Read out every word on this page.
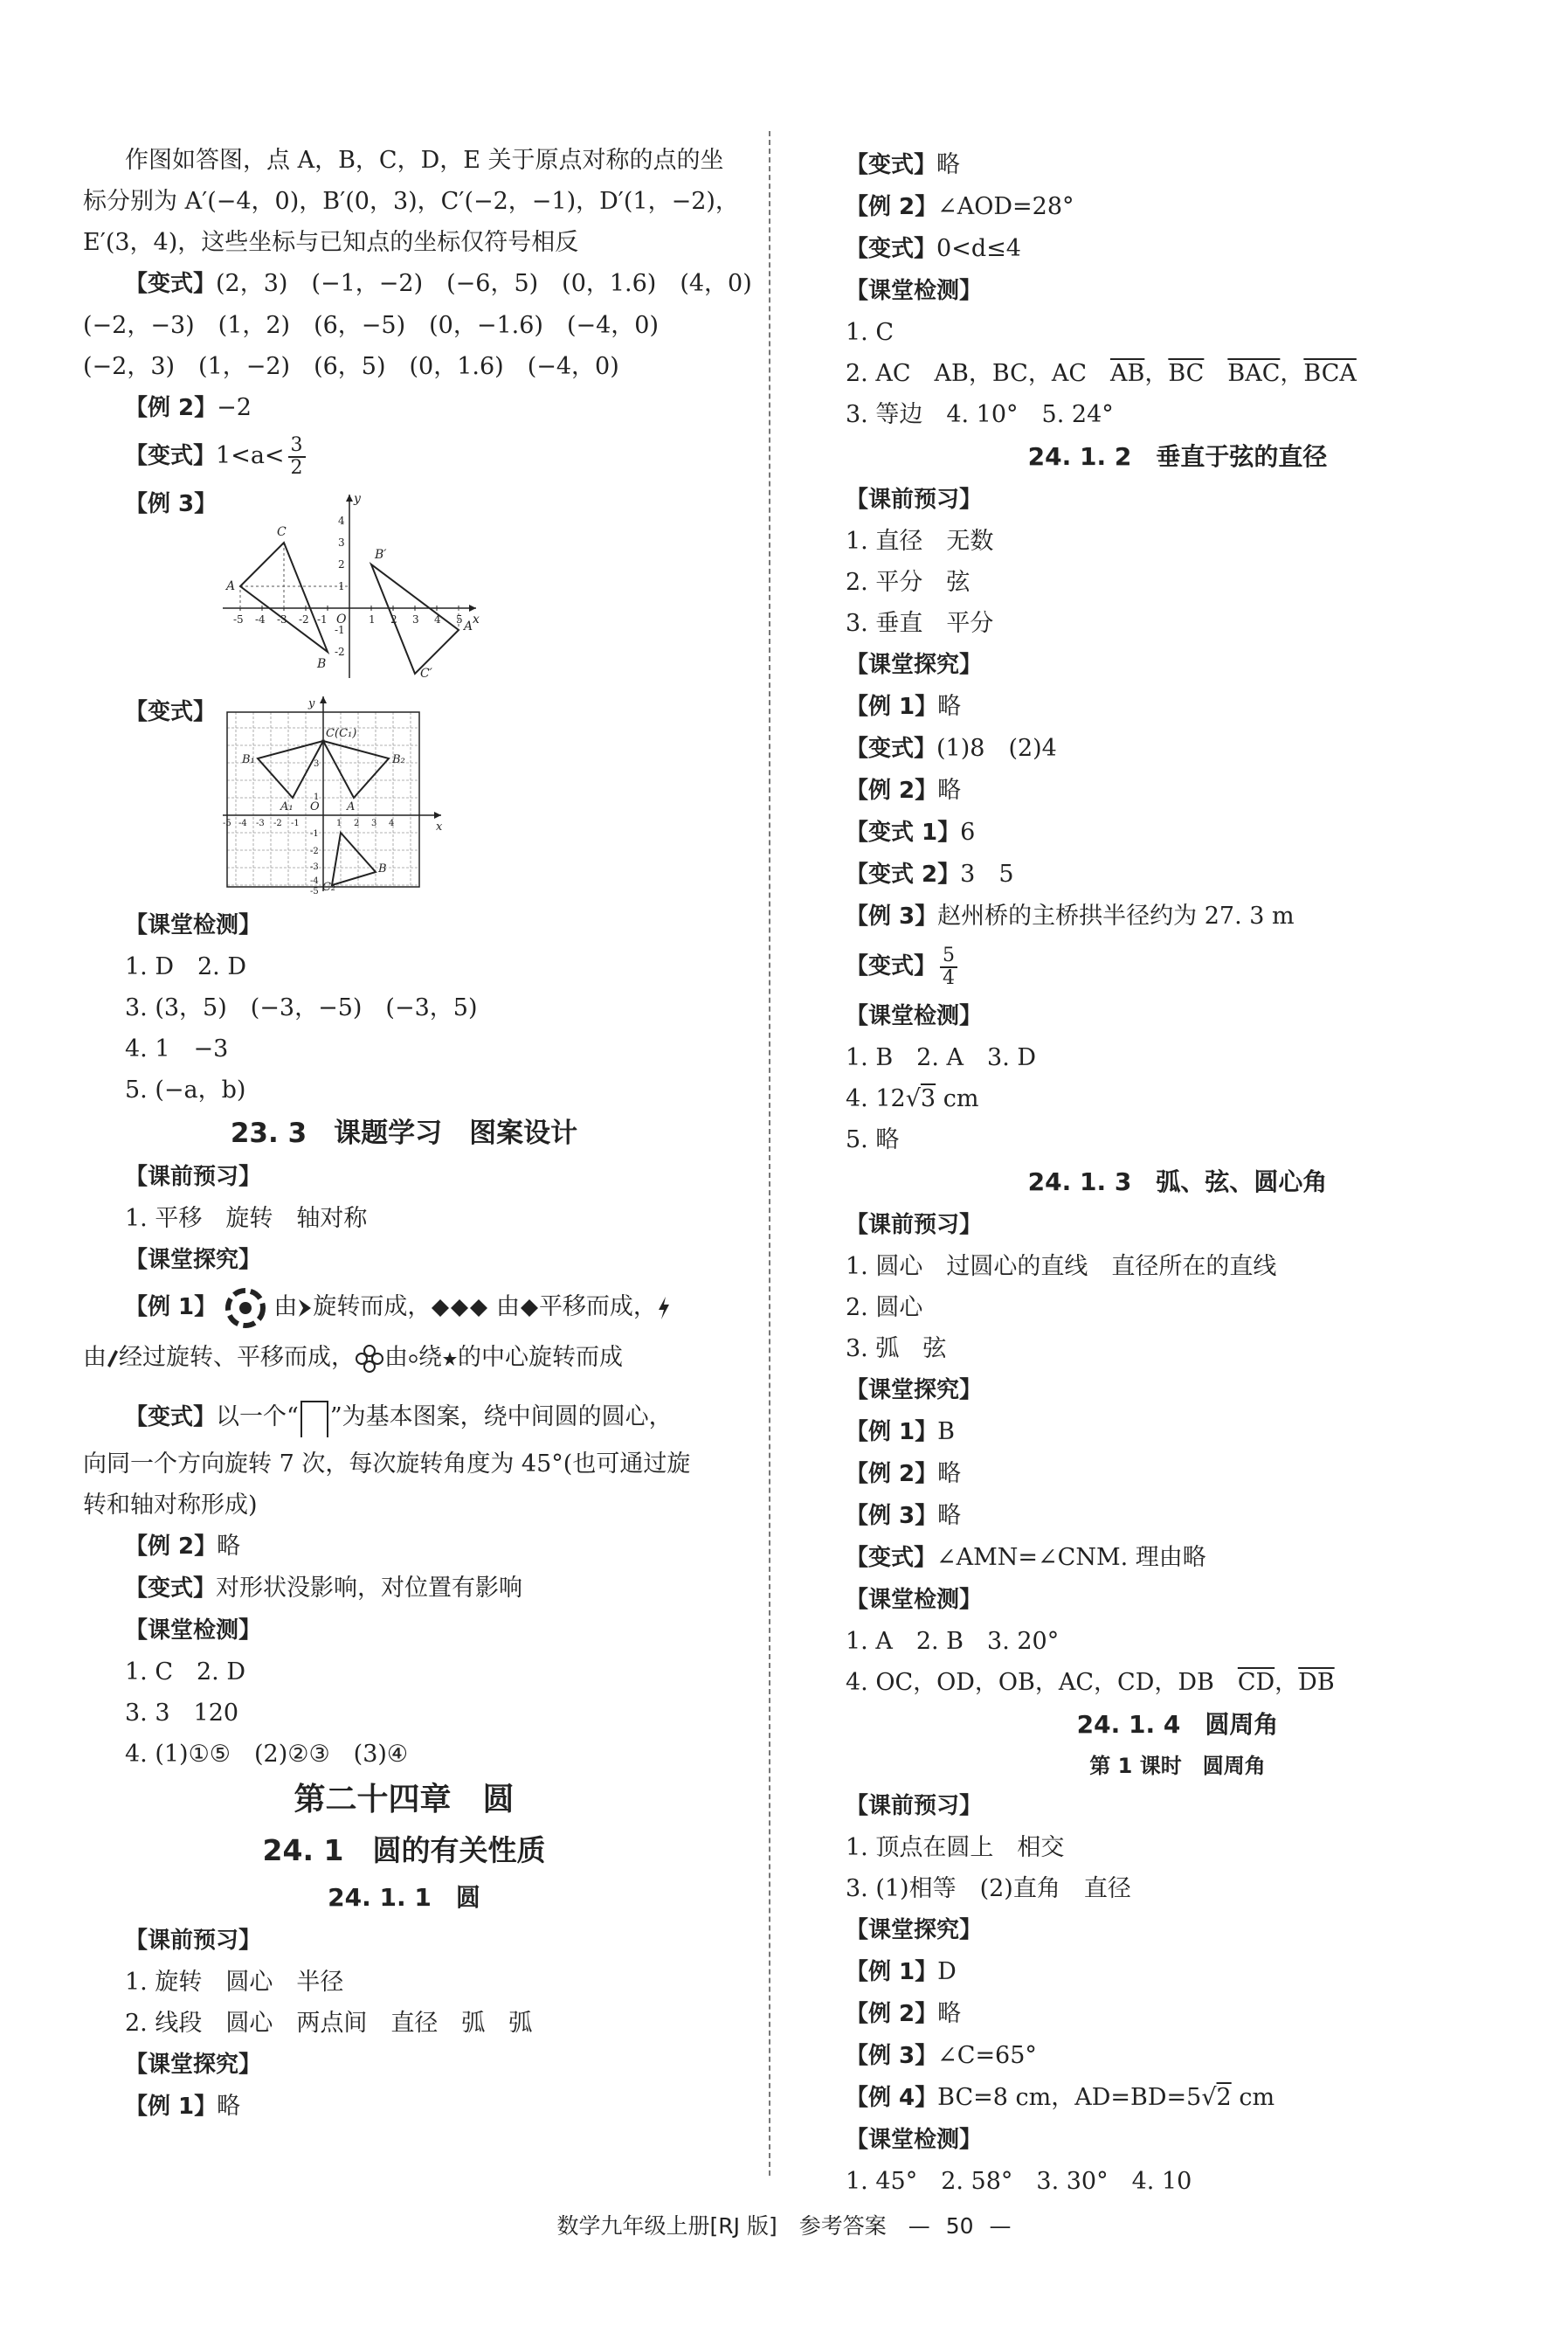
作图如答图，点 A，B，C，D，E 关于原点对称的点的坐
标分别为 A′(−4，0)，B′(0，3)，C′(−2，−1)，D′(1，−2)，
E′(3，4)，这些坐标与已知点的坐标仅符号相反
【变式】(2，3)　(−1，−2)　(−6，5)　(0，1.6)　(4，0)
(−2，−3)　(1，2)　(6，−5)　(0，−1.6)　(−4，0)
(−2，3)　(1，−2)　(6，5)　(0，1.6)　(−4，0)
【例 2】−2
【变式】$1<a< \frac{3}{2}$
【例 3】
C
A
B
B′
A′
C′
O	x
y
-5 -4 -3 -2 -1	1 2 3 4 5
4
3
2
1
-1
-2
【变式】
C (C₁)
B₁	B₂
A₁	A
O
C₂
B
x
y
-5 -4 -3 -2 -1	1 2 3 4
3
1
-1
-2
-3
-4
-5
【课堂检测】
1. D　2. D
3. (3，5)　(−3，−5)　(−3，5)
4. 1　−3
5. (−a，b)
23. 3　课题学习　图案设计
【课前预习】
1. 平移　旋转　轴对称
【课堂探究】
【例 1】 由 旋转而成，	由 平移而成，
由 经过旋转、平移而成， 由 绕 的中心旋转而成
【变式】以一个“ ”为基本图案，绕中间圆的圆心，
向同一个方向旋转 7 次，每次旋转角度为 45°(也可通过旋
转和轴对称形成)
【例 2】略
【变式】对形状没影响，对位置有影响
【课堂检测】
1. C　2. D
3. 3　120
4. (1)①⑤　(2)②③　(3)④
第二十四章　圆
24. 1　圆的有关性质
24. 1. 1　圆
【课前预习】
1. 旋转　圆心　半径
2. 线段　圆心　两点间　直径　弧　弧
【课堂探究】
【例 1】略
【变式】略
【例 2】∠AOD=28°
【变式】0<d≤4
【课堂检测】
1. C
2. AC　AB，BC，AC　 $\overline{AB}$，$\overline{BC}$　 $\overline{BAC}$，$\overline{BCA}$
3. 等边　4. 10°　5. 24°
24. 1. 2　垂直于弦的直径
【课前预习】
1. 直径　无数
2. 平分　弦
3. 垂直　平分
【课堂探究】
【例 1】略
【变式】(1)8　(2)4
【例 2】略
【变式 1】6
【变式 2】3　5
【例 3】赵州桥的主桥拱半径约为 27. 3 m
【变式】 $\frac{5}{4}$
【课堂检测】
1. B　2. A　3. D
4. 12√3 cm
5. 略
24. 1. 3　弧、弦、圆心角
【课前预习】
1. 圆心　过圆心的直线　直径所在的直线
2. 圆心
3. 弧　弦
【课堂探究】
【例 1】B
【例 2】略
【例 3】略
【变式】∠AMN=∠CNM. 理由略
【课堂检测】
1. A　2. B　3. 20°
4. OC，OD，OB，AC，CD，DB　 $\overline{CD}$，$\overline{DB}$
24. 1. 4　圆周角
第 1 课时　圆周角
【课前预习】
1. 顶点在圆上　相交
3. (1)相等　(2)直角　直径
【课堂探究】
【例 1】D
【例 2】略
【例 3】∠C=65°
【例 4】BC=8 cm，AD=BD=5√2 cm
【课堂检测】
1. 45°　2. 58°　3. 30°　4. 10
数学九年级上册[RJ 版]　参考答案　— 50 —
